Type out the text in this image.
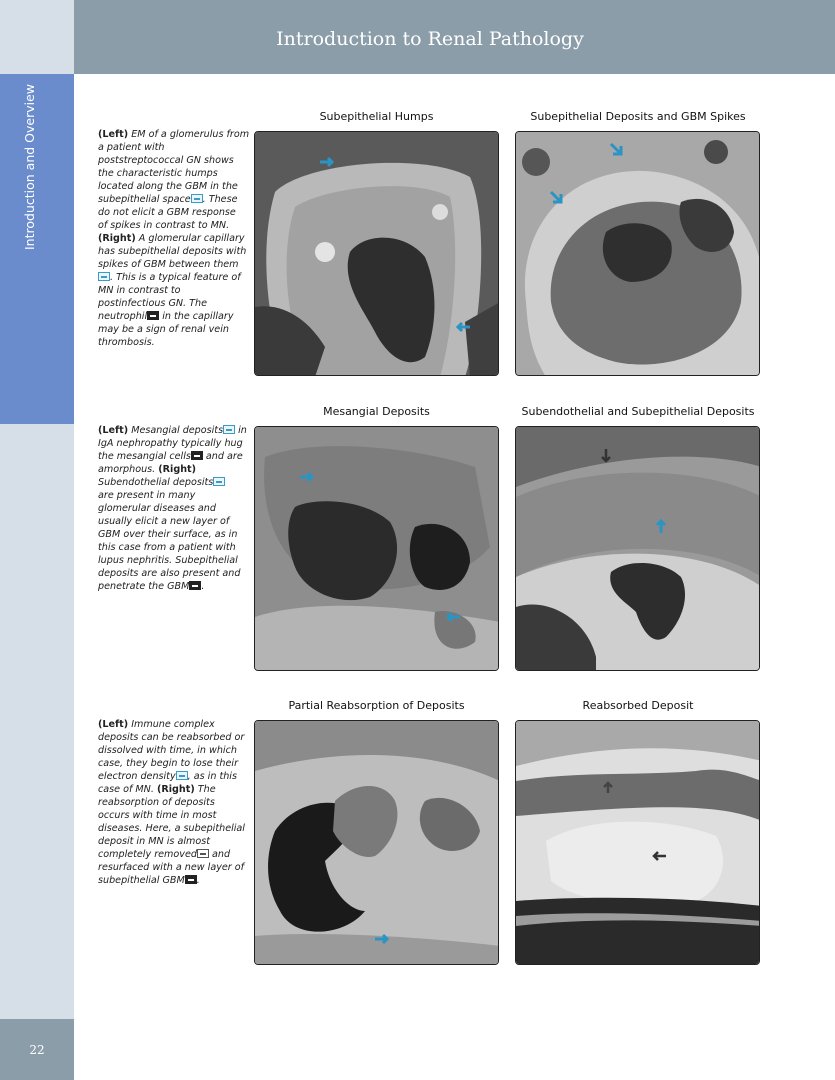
Introduction to Renal Pathology
Introduction and Overview
22
(Left) EM of a glomerulus from
a patient with
poststreptococcal GN shows
the characteristic humps
located along the GBM in the
subepithelial space . These
do not elicit a GBM response
of spikes in contrast to MN.
(Right) A glomerular capillary
has subepithelial deposits with
spikes of GBM between them
. This is a typical feature of
MN in contrast to
postinfectious GN. The
neutrophil in the capillary
may be a sign of renal vein
thrombosis.
(Left) Mesangial deposits in
IgA nephropathy typically hug
the mesangial cells and are
amorphous. (Right)
Subendothelial deposits
are present in many
glomerular diseases and
usually elicit a new layer of
GBM over their surface, as in
this case from a patient with
lupus nephritis. Subepithelial
deposits are also present and
penetrate the GBM .
(Left) Immune complex
deposits can be reabsorbed or
dissolved with time, in which
case, they begin to lose their
electron density , as in this
case of MN. (Right) The
reabsorption of deposits
occurs with time in most
diseases. Here, a subepithelial
deposit in MN is almost
completely removed and
resurfaced with a new layer of
subepithelial GBM .
Subepithelial Humps	Subepithelial Deposits and GBM Spikes
Mesangial Deposits	Subendothelial and Subepithelial Deposits
Partial Reabsorption of Deposits	Reabsorbed Deposit
